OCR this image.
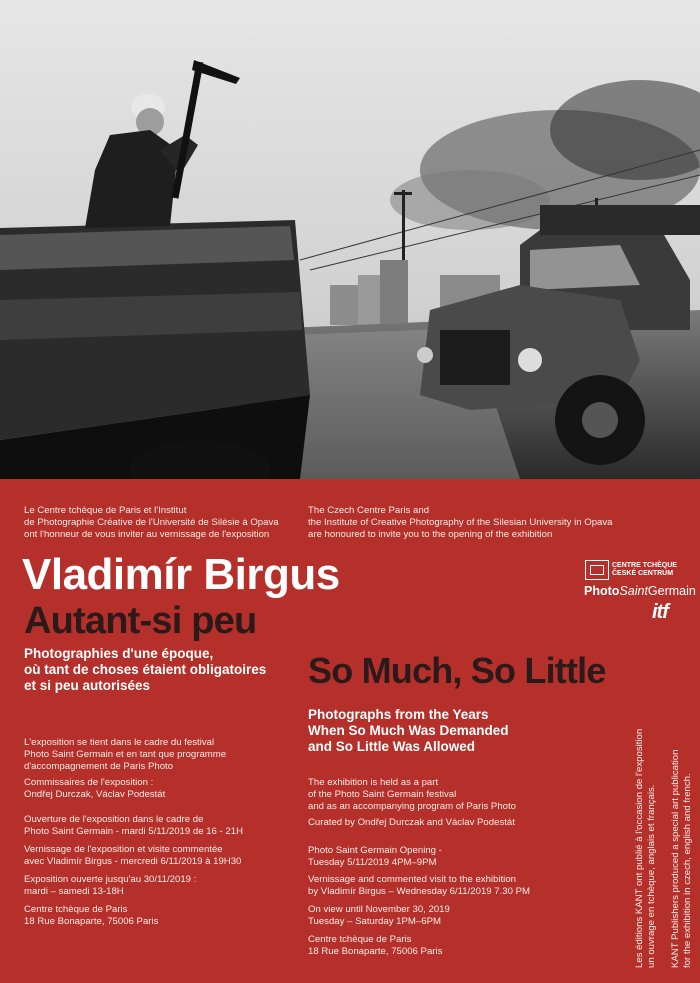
Le Centre tchèque de Paris et l'Institut
de Photographie Créative de l'Université de Silésie à Opava
ont l'honneur de vous inviter au vernissage de l'exposition
The Czech Centre Paris and
the Institute of Creative Photography of the Silesian University in Opava
are honoured to invite you to the opening of the exhibition
Vladimír Birgus
Autant-si peu
So Much, So Little
Photographies d'une époque,
où tant de choses étaient obligatoires
et si peu autorisées
Photographs from the Years
When So Much Was Demanded
and So Little Was Allowed
L'exposition se tient dans le cadre du festival
Photo Saint Germain et en tant que programme
d'accompagnement de Paris Photo
Commissaires de l'exposition :
Ondřej Durczak, Václav Podestát
Ouverture de l'exposition dans le cadre de
Photo Saint Germain - mardi 5/11/2019 de 16 - 21H
Vernissage de l'exposition et visite commentée
avec Vladimír Birgus - mercredi 6/11/2019 à 19H30
Exposition ouverte jusqu'au 30/11/2019 :
mardi – samedi 13-18H
Centre tchèque de Paris
18 Rue Bonaparte, 75006 Paris
The exhibition is held as a part
of the Photo Saint Germain festival
and as an accompanying program of Paris Photo
Curated by Ondřej Durczak and Václav Podestát
Photo Saint Germain Opening -
Tuesday 5/11/2019 4PM–9PM
Vernissage and commented visit to the exhibition
by Vladimír Birgus – Wednesday 6/11/2019 7.30 PM
On view until November 30, 2019
Tuesday – Saturday 1PM–6PM
Centre tchèque de Paris
18 Rue Bonaparte, 75006 Paris
Les éditions KANT ont publié à l'occasion de l'exposition
un ouvrage en tchèque, anglais et français.

KANT Publishers produced a special art publication
for the exhibition in czech, english and french.
CENTRE TCHÈQUE
ČESKÉ CENTRUM
PhotoSaintGermain
itf
